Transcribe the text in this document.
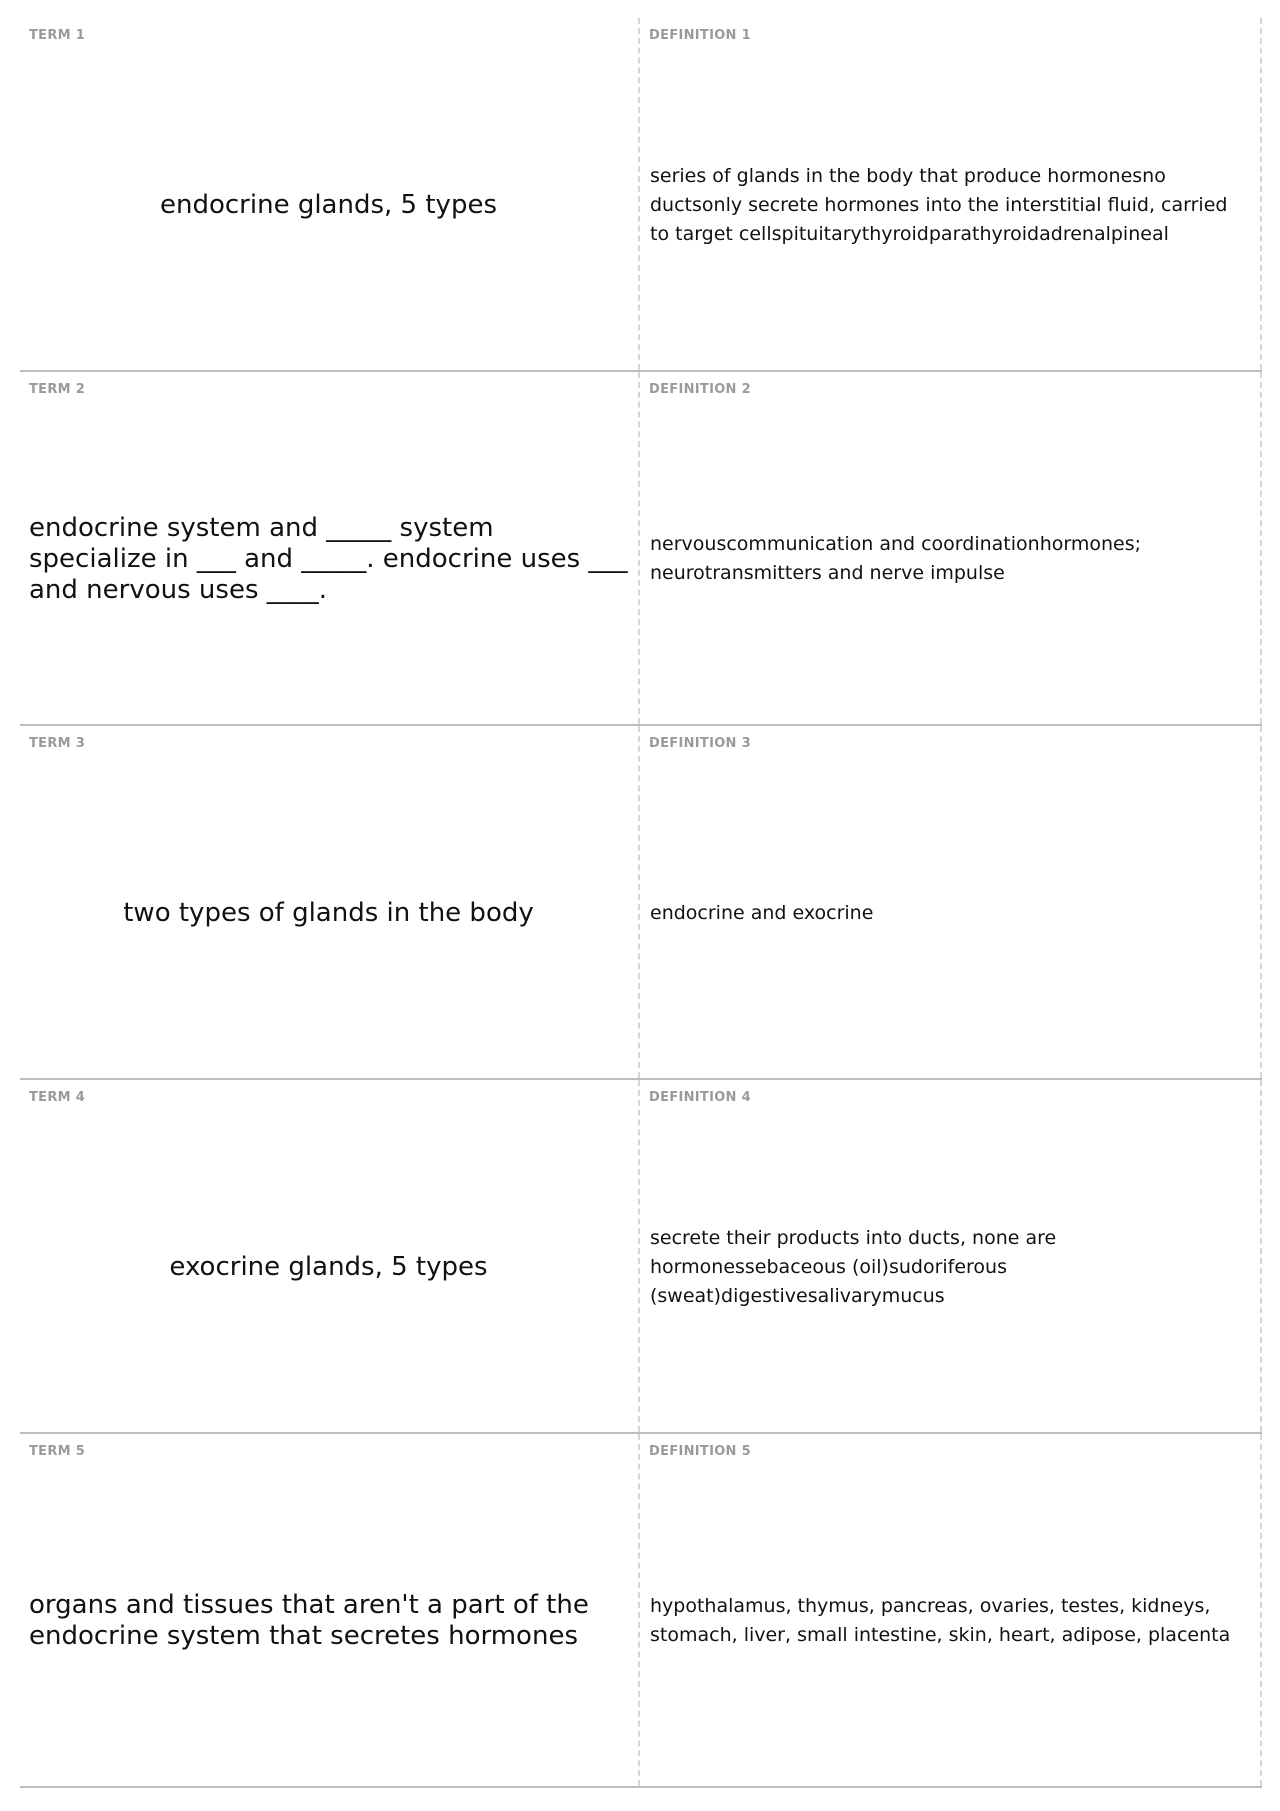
TERM 1
endocrine glands, 5 types
DEFINITION 1
series of glands in the body that produce hormonesno ductsonly secrete hormones into the interstitial fluid, carried to target cellspituitarythyroidparathyroidadrenalpineal
TERM 2
endocrine system and _____ system specialize in ___ and _____. endocrine uses ___ and nervous uses ____.
DEFINITION 2
nervouscommunication and coordinationhormones; neurotransmitters and nerve impulse
TERM 3
two types of glands in the body
DEFINITION 3
endocrine and exocrine
TERM 4
exocrine glands, 5 types
DEFINITION 4
secrete their products into ducts, none are hormonessebaceous (oil)sudoriferous (sweat)digestivesalivarymucus
TERM 5
organs and tissues that aren't a part of the endocrine system that secretes hormones
DEFINITION 5
hypothalamus, thymus, pancreas, ovaries, testes, kidneys, stomach, liver, small intestine, skin, heart, adipose, placenta
